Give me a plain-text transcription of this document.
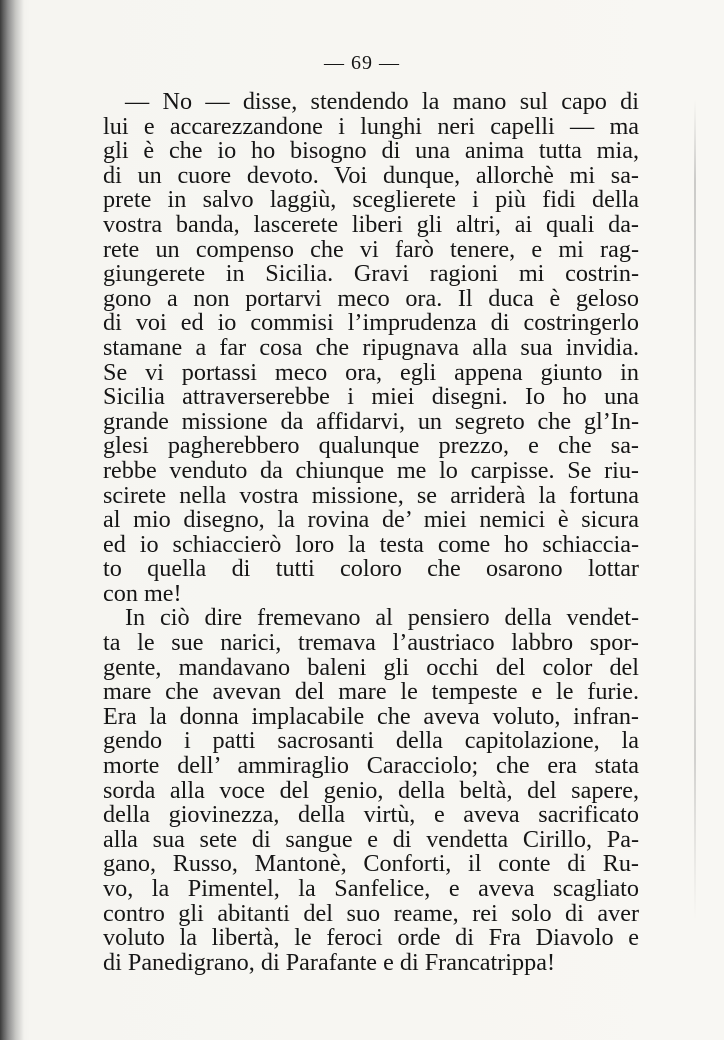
— 69 —
— No — disse, stendendo la mano sul capo di
lui e accarezzandone i lunghi neri capelli — ma
gli è che io ho bisogno di una anima tutta mia,
di un cuore devoto. Voi dunque, allorchè mi sa-
prete in salvo laggiù, sceglierete i più fidi della
vostra banda, lascerete liberi gli altri, ai quali da-
rete un compenso che vi farò tenere, e mi rag-
giungerete in Sicilia. Gravi ragioni mi costrin-
gono a non portarvi meco ora. Il duca è geloso
di voi ed io commisi l’imprudenza di costringerlo
stamane a far cosa che ripugnava alla sua invidia.
Se vi portassi meco ora, egli appena giunto in
Sicilia attraverserebbe i miei disegni. Io ho una
grande missione da affidarvi, un segreto che gl’In-
glesi pagherebbero qualunque prezzo, e che sa-
rebbe venduto da chiunque me lo carpisse. Se riu-
scirete nella vostra missione, se arriderà la fortuna
al mio disegno, la rovina de’ miei nemici è sicura
ed io schiaccierò loro la testa come ho schiaccia-
to quella di tutti coloro che osarono lottar
con me!
In ciò dire fremevano al pensiero della vendet-
ta le sue narici, tremava l’austriaco labbro spor-
gente, mandavano baleni gli occhi del color del
mare che avevan del mare le tempeste e le furie.
Era la donna implacabile che aveva voluto, infran-
gendo i patti sacrosanti della capitolazione, la
morte dell’ ammiraglio Caracciolo; che era stata
sorda alla voce del genio, della beltà, del sapere,
della giovinezza, della virtù, e aveva sacrificato
alla sua sete di sangue e di vendetta Cirillo, Pa-
gano, Russo, Mantonè, Conforti, il conte di Ru-
vo, la Pimentel, la Sanfelice, e aveva scagliato
contro gli abitanti del suo reame, rei solo di aver
voluto la libertà, le feroci orde di Fra Diavolo e
di Panedigrano, di Parafante e di Francatrippa!
